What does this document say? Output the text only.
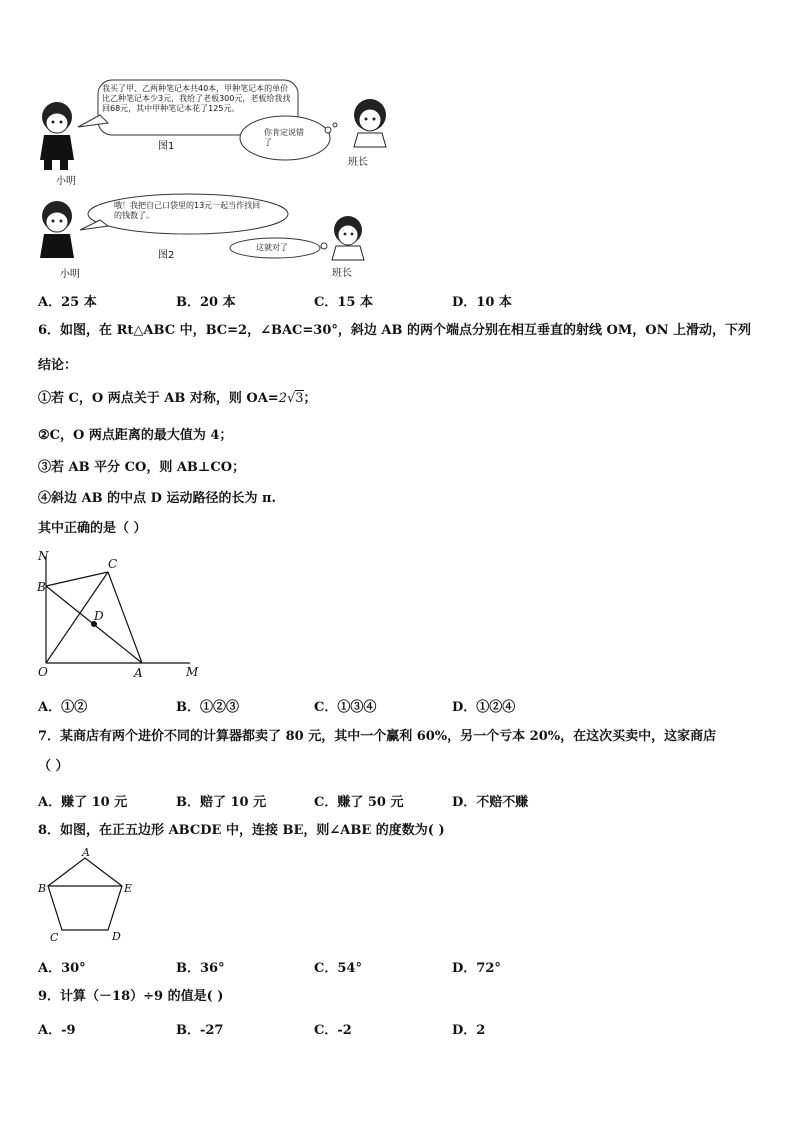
我买了甲、乙两种笔记本共40本，甲种笔记本的单价比乙种笔记本少3元，我给了老板300元，老板给我找回68元，其中甲种笔记本花了125元。
你肯定说错了
图1
小明
班长
哦！我把自己口袋里的13元一起当作找回的钱数了。
这就对了
图2
小明	班长
A．25 本	B．20 本	C．15 本	D．10 本
6．如图，在 Rt△ABC 中，BC=2，∠BAC=30°，斜边 AB 的两个端点分别在相互垂直的射线 OM，ON 上滑动，下列
结论：
①若 C，O 两点关于 AB 对称，则 OA=2√3；
②C，O 两点距离的最大值为 4；
③若 AB 平分 CO，则 AB⊥CO；
④斜边 AB 的中点 D 运动路径的长为 π.
其中正确的是（ ）
N
C
B
D
O	A	M
A．①②	B．①②③	C．①③④	D．①②④
7．某商店有两个进价不同的计算器都卖了 80 元，其中一个赢利 60%，另一个亏本 20%，在这次买卖中，这家商店
（ ）
A．赚了 10 元	B．赔了 10 元	C．赚了 50 元	D．不赔不赚
8．如图，在正五边形 ABCDE 中，连接 BE，则∠ABE 的度数为( )
A
B	E
C	D
A．30°	B．36°	C．54°	D．72°
9．计算（－18）÷9 的值是( )
A．-9	B．-27	C．-2	D．2
